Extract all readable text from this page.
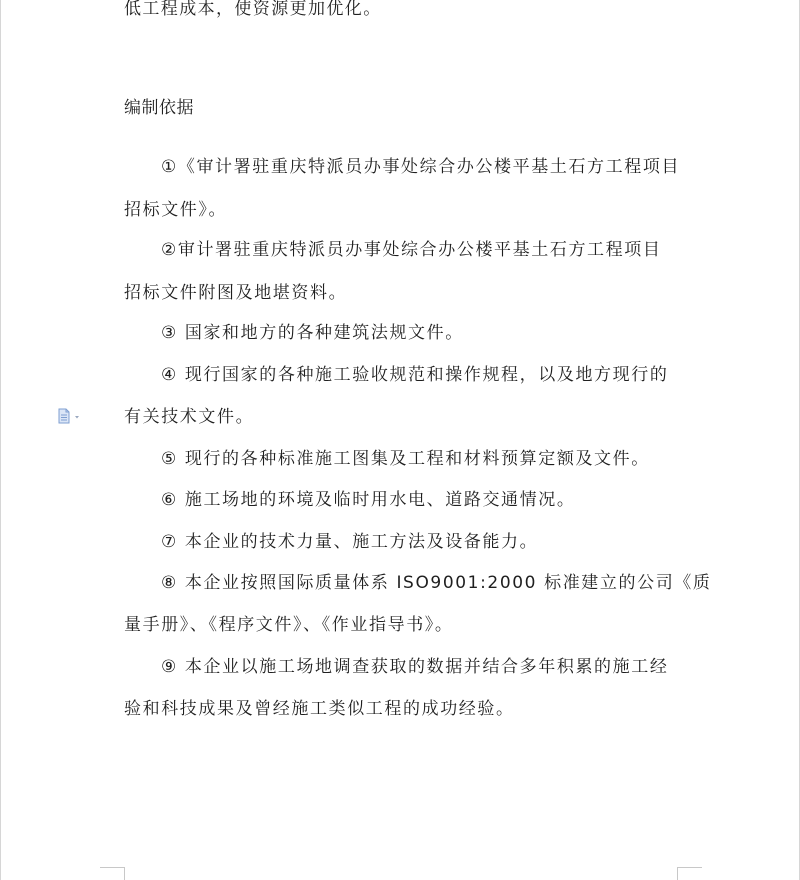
低工程成本，使资源更加优化。
编制依据
①《审计署驻重庆特派员办事处综合办公楼平基土石方工程项目
招标文件》。
②审计署驻重庆特派员办事处综合办公楼平基土石方工程项目
招标文件附图及地堪资料。
③ 国家和地方的各种建筑法规文件。
④ 现行国家的各种施工验收规范和操作规程，以及地方现行的
有关技术文件。
⑤ 现行的各种标准施工图集及工程和材料预算定额及文件。
⑥ 施工场地的环境及临时用水电、道路交通情况。
⑦ 本企业的技术力量、施工方法及设备能力。
⑧ 本企业按照国际质量体系 ISO9001:2000 标准建立的公司《质
量手册》、《程序文件》、《作业指导书》。
⑨ 本企业以施工场地调查获取的数据并结合多年积累的施工经
验和科技成果及曾经施工类似工程的成功经验。
